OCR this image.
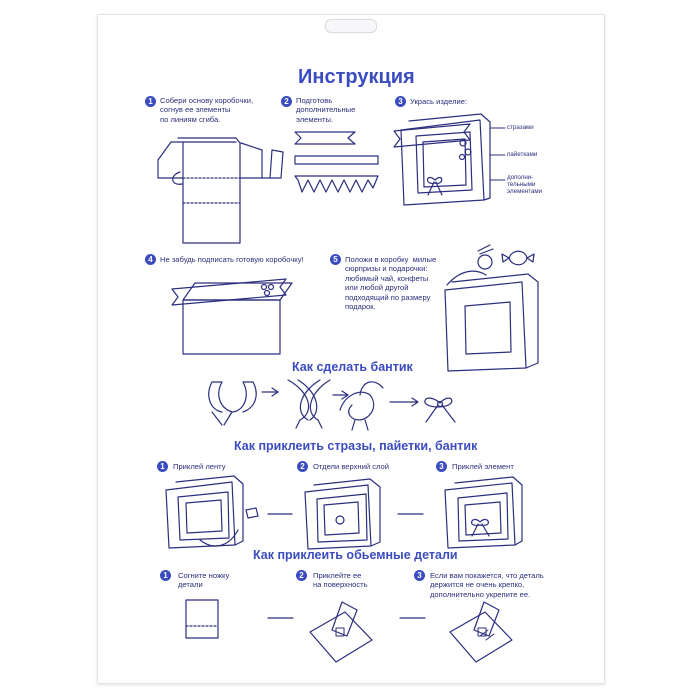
Инструкция
1 Собери основу коробочки,
согнув ее элементы
по линиям сгиба.
2 Подготовь
дополнительные
элементы.
3 Укрась изделие:
стразами
пайетками
дополни-
тельными
элементами
4 Не забудь подписать готовую коробочку!	5 Положи в коробку  милые
сюрпризы и подарочки:
любимый чай, конфеты
или любой другой
подходящий по размеру
подарок.
Как сделать бантик
Как приклеить стразы, пайетки, бантик
1	Приклей ленту	2	Отдели верхний слой	3	Приклей элемент
Как приклеить обьемные детали
1	Согните ножку
детали
2	Приклейте ее
на поверхность
3	Если вам покажется, что деталь
держится не очень крепко,
дополнительно укрепите ее.
